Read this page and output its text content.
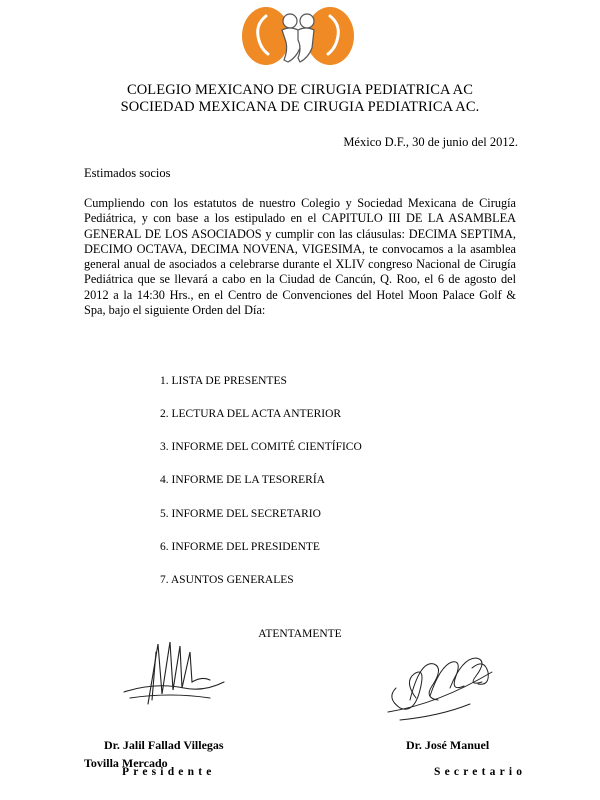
COLEGIO MEXICANO DE CIRUGIA PEDIATRICA AC
SOCIEDAD MEXICANA DE CIRUGIA PEDIATRICA AC.
México D.F., 30 de junio del 2012.
Estimados socios
Cumpliendo con los estatutos de nuestro Colegio y Sociedad Mexicana de Cirugía Pediátrica, y con base a los estipulado en el CAPITULO III DE LA ASAMBLEA GENERAL DE LOS ASOCIADOS y cumplir con las cláusulas: DECIMA SEPTIMA, DECIMO OCTAVA, DECIMA NOVENA, VIGESIMA, te convocamos a la asamblea general anual de asociados a celebrarse durante el XLIV congreso Nacional de Cirugía Pediátrica que se llevará a cabo en la Ciudad de Cancún, Q. Roo, el 6 de agosto del 2012 a la 14:30 Hrs., en el Centro de Convenciones del Hotel Moon Palace Golf & Spa, bajo el siguiente Orden del Día:
1. LISTA DE PRESENTES
2. LECTURA DEL ACTA ANTERIOR
3. INFORME DEL COMITÉ CIENTÍFICO
4. INFORME DE LA TESORERÍA
5. INFORME DEL SECRETARIO
6. INFORME DEL PRESIDENTE
7. ASUNTOS GENERALES
ATENTAMENTE
Dr. Jalil Fallad Villegas
Tovilla Mercado
Presidente
Dr. José Manuel
Secretario
